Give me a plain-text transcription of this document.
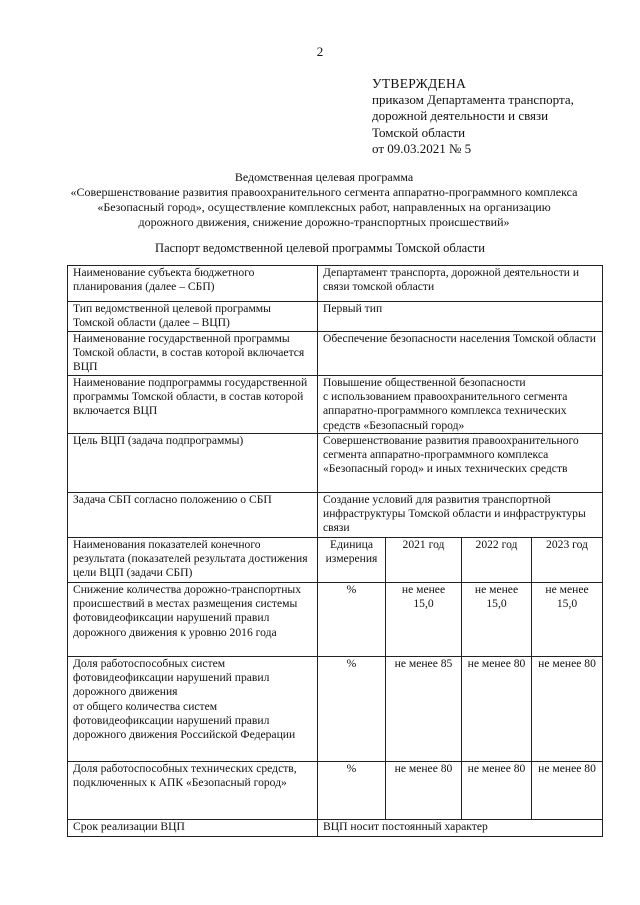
2
УТВЕРЖДЕНА
приказом Департамента транспорта,
дорожной деятельности и связи
Томской области
от 09.03.2021 № 5
Ведомственная целевая программа
«Совершенствование развития правоохранительного сегмента аппаратно-программного комплекса
«Безопасный город», осуществление комплексных работ, направленных на организацию
дорожного движения, снижение дорожно-транспортных происшествий»
Паспорт ведомственной целевой программы Томской области
Наименование субъекта бюджетного планирования (далее – СБП)	Департамент транспорта, дорожной деятельности и связи томской области			
Тип ведомственной целевой программы Томской области (далее – ВЦП)	Первый тип			
Наименование государственной программы Томской области, в состав которой включается ВЦП	Обеспечение безопасности населения Томской области			
Наименование подпрограммы государственной программы Томской области, в состав которой включается ВЦП	Повышение общественной безопасности
с использованием правоохранительного сегмента аппаратно-программного комплекса технических средств «Безопасный город»			
Цель ВЦП (задача подпрограммы)	Совершенствование развития правоохранительного сегмента аппаратно-программного комплекса «Безопасный город» и иных технических средств			
Задача СБП согласно положению о СБП	Создание условий для развития транспортной инфраструктуры Томской области и инфраструктуры связи			
Наименования показателей конечного результата (показателей результата достижения цели ВЦП (задачи СБП)	Единица измерения	2021 год	2022 год	2023 год
Снижение количества дорожно-транспортных происшествий в местах размещения системы фотовидеофиксации нарушений правил дорожного движения к уровню 2016 года	%	не менее 15,0	не менее 15,0	не менее 15,0
Доля работоспособных систем фотовидеофиксации нарушений правил дорожного движения
от общего количества систем фотовидеофиксации нарушений правил дорожного движения Российской Федерации	%	не менее 85	не менее 80	не менее 80
Доля работоспособных технических средств, подключенных к АПК «Безопасный город»	%	не менее 80	не менее 80	не менее 80
Срок реализации ВЦП	ВЦП носит постоянный характер			
